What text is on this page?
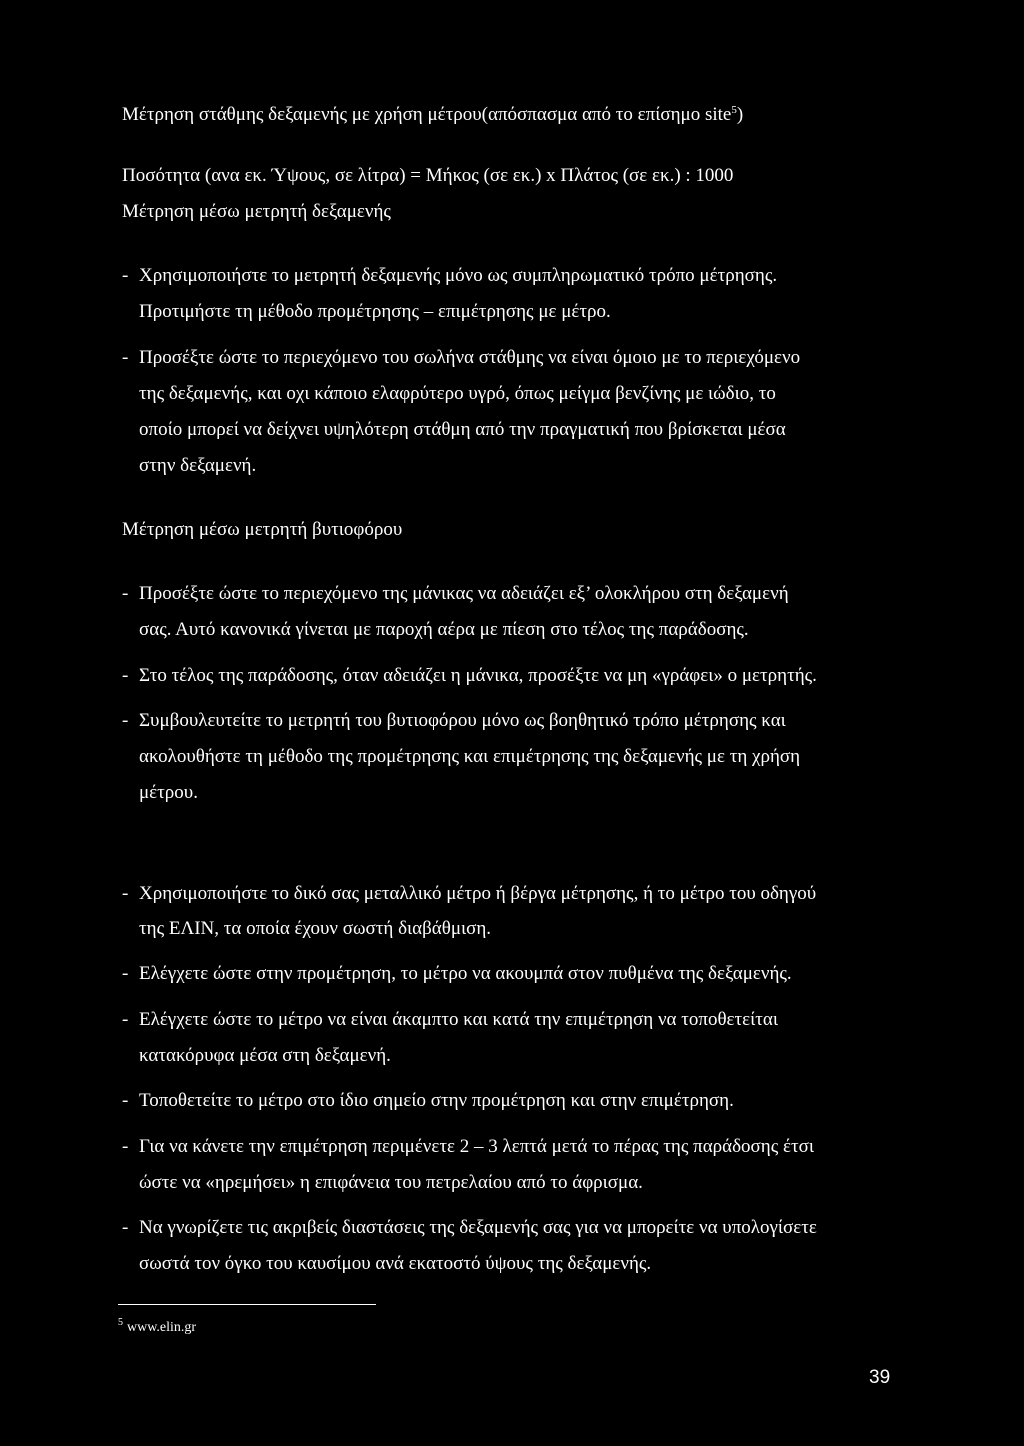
Μέτρηση στάθμης δεξαμενής με χρήση μέτρου(απόσπασμα από το επίσημο site$^5$)
Ποσότητα (ανα εκ. Ύψους, σε λίτρα) = Μήκος (σε εκ.) x Πλάτος (σε εκ.) : 1000
Μέτρηση μέσω μετρητή δεξαμενής
- Χρησιμοποιήστε το μετρητή δεξαμενής μόνο ως συμπληρωματικό τρόπο μέτρησης.
Προτιμήστε τη μέθοδο προμέτρησης – επιμέτρησης με μέτρο.
- Προσέξτε ώστε το περιεχόμενο του σωλήνα στάθμης να είναι όμοιο με το περιεχόμενο
της δεξαμενής, και οχι κάποιο ελαφρύτερο υγρό, όπως μείγμα βενζίνης με ιώδιο, το
οποίο μπορεί να δείχνει υψηλότερη στάθμη από την πραγματική που βρίσκεται μέσα
στην δεξαμενή.
Μέτρηση μέσω μετρητή βυτιοφόρου
- Προσέξτε ώστε το περιεχόμενο της μάνικας να αδειάζει εξ’ ολοκλήρου στη δεξαμενή
σας. Αυτό κανονικά γίνεται με παροχή αέρα με πίεση στο τέλος της παράδοσης.
- Στο τέλος της παράδοσης, όταν αδειάζει η μάνικα, προσέξτε να μη «γράφει» ο μετρητής.
- Συμβουλευτείτε το μετρητή του βυτιοφόρου μόνο ως βοηθητικό τρόπο μέτρησης και
ακολουθήστε τη μέθοδο της προμέτρησης και επιμέτρησης της δεξαμενής με τη χρήση
μέτρου.
- Χρησιμοποιήστε το δικό σας μεταλλικό μέτρο ή βέργα μέτρησης, ή το μέτρο του οδηγού
της ΕΛΙΝ, τα οποία έχουν σωστή διαβάθμιση.
- Ελέγχετε ώστε στην προμέτρηση, το μέτρο να ακουμπά στον πυθμένα της δεξαμενής.
- Ελέγχετε ώστε το μέτρο να είναι άκαμπτο και κατά την επιμέτρηση να τοποθετείται
κατακόρυφα μέσα στη δεξαμενή.
- Τοποθετείτε το μέτρο στο ίδιο σημείο στην προμέτρηση και στην επιμέτρηση.
- Για να κάνετε την επιμέτρηση περιμένετε 2 – 3 λεπτά μετά το πέρας της παράδοσης έτσι
ώστε να «ηρεμήσει» η επιφάνεια του πετρελαίου από το άφρισμα.
- Να γνωρίζετε τις ακριβείς διαστάσεις της δεξαμενής σας για να μπορείτε να υπολογίσετε
σωστά τον όγκο του καυσίμου ανά εκατοστό ύψους της δεξαμενής.
$^5$ www.elin.gr
39
